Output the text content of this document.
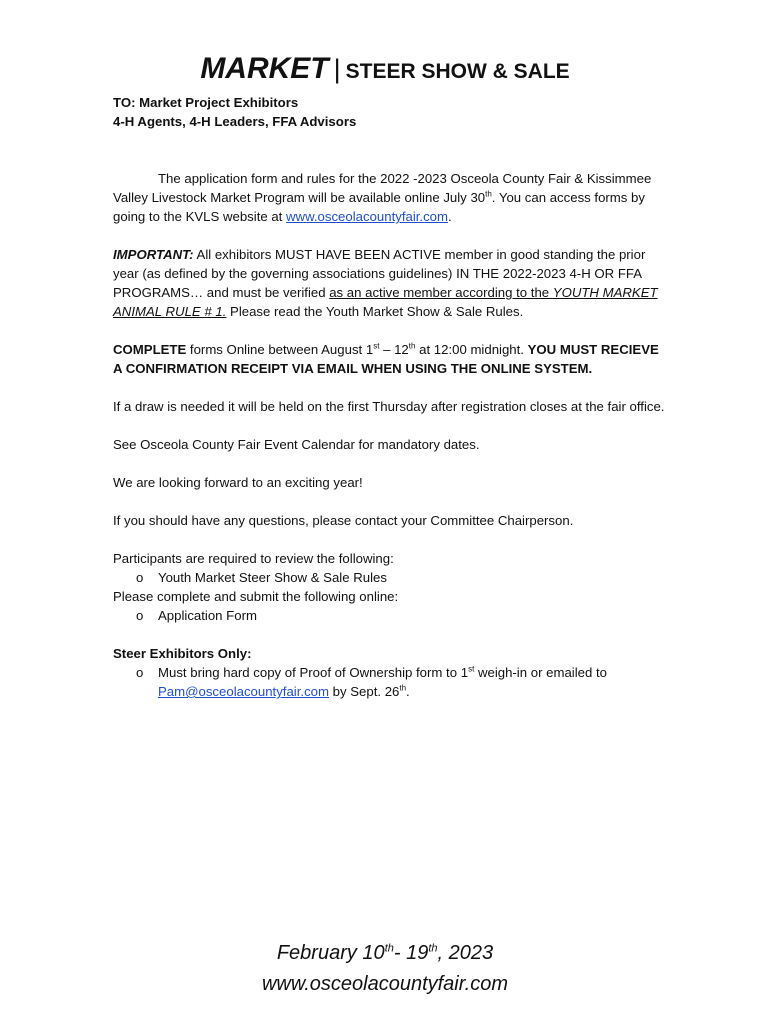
MARKET | STEER SHOW & SALE

TO: Market Project Exhibitors

4-H Agents, 4-H Leaders, FFA Advisors

The application form and rules for the 2022 -2023 Osceola County Fair & Kissimmee Valley Livestock Market Program will be available online July 30th. You can access forms by going to the KVLS website at www.osceolacountyfair.com.

IMPORTANT: All exhibitors MUST HAVE BEEN ACTIVE member in good standing the prior year (as defined by the governing associations guidelines) IN THE 2022-2023 4-H OR FFA PROGRAMS… and must be verified as an active member according to the YOUTH MARKET ANIMAL RULE # 1. Please read the Youth Market Show & Sale Rules.

COMPLETE forms Online between August 1st – 12th at 12:00 midnight. YOU MUST RECIEVE A CONFIRMATION RECEIPT VIA EMAIL WHEN USING THE ONLINE SYSTEM.

If a draw is needed it will be held on the first Thursday after registration closes at the fair office.

See Osceola County Fair Event Calendar for mandatory dates.

We are looking forward to an exciting year!

If you should have any questions, please contact your Committee Chairperson.

Participants are required to review the following:

o Youth Market Steer Show & Sale Rules

Please complete and submit the following online:

o Application Form

Steer Exhibitors Only:

o Must bring hard copy of Proof of Ownership form to 1st weigh-in or emailed to Pam@osceolacountyfair.com by Sept. 26th.
February 10th- 19th, 2023
www.osceolacountyfair.com
